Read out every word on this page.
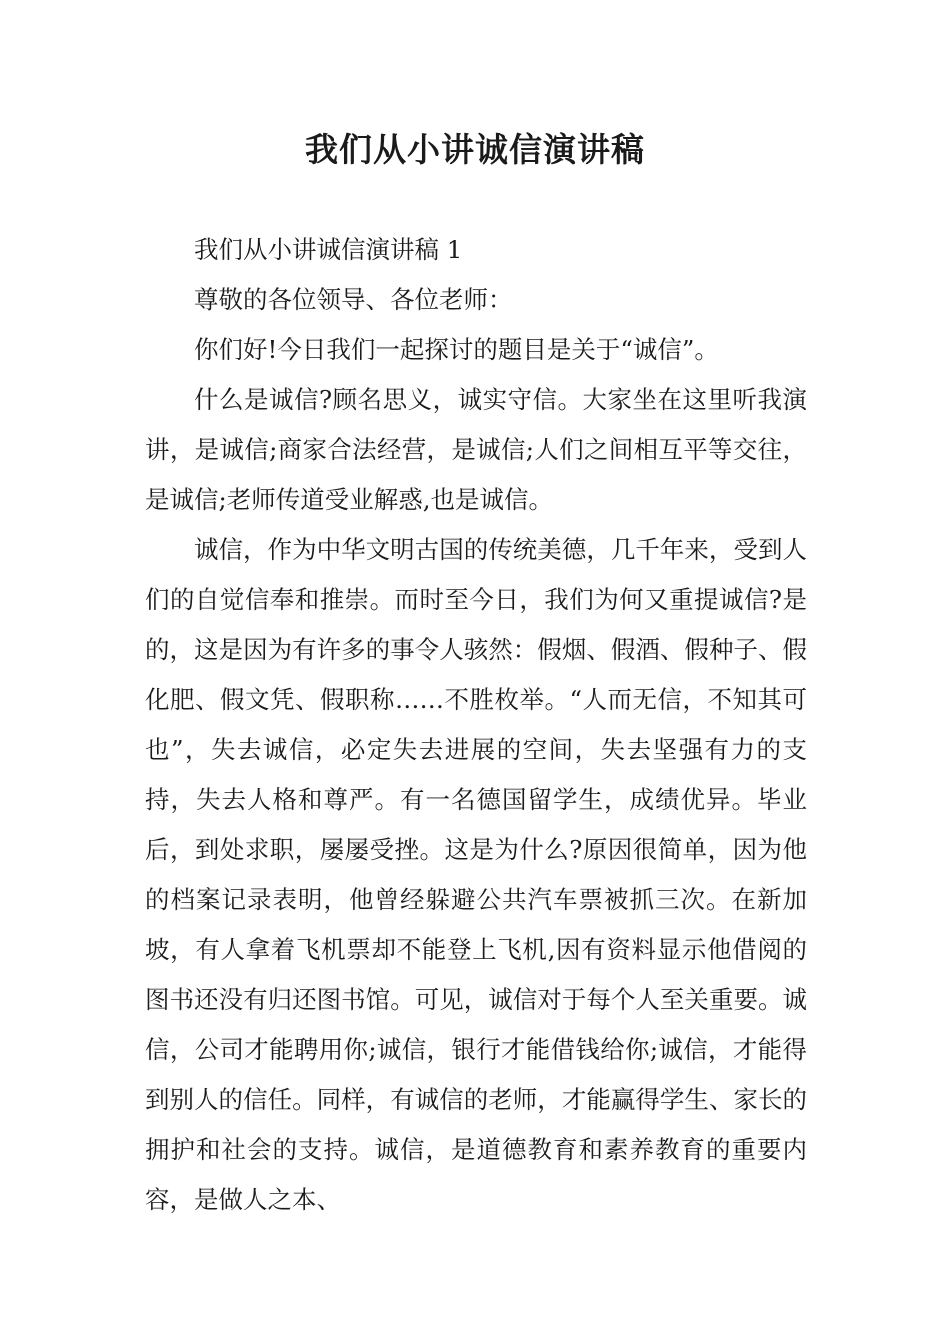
我们从小讲诚信演讲稿

我们从小讲诚信演讲稿 1

尊敬的各位领导、各位老师：

你们好!今日我们一起探讨的题目是关于“诚信”。

什么是诚信?顾名思义，诚实守信。大家坐在这里听我演讲，是诚信;商家合法经营，是诚信;人们之间相互平等交往，是诚信;老师传道受业解惑,也是诚信。

诚信，作为中华文明古国的传统美德，几千年来，受到人们的自觉信奉和推崇。而时至今日，我们为何又重提诚信?是的，这是因为有许多的事令人骇然：假烟、假酒、假种子、假化肥、假文凭、假职称……不胜枚举。“人而无信，不知其可也”，失去诚信，必定失去进展的空间，失去坚强有力的支持，失去人格和尊严。有一名德国留学生，成绩优异。毕业后，到处求职，屡屡受挫。这是为什么?原因很简单，因为他的档案记录表明，他曾经躲避公共汽车票被抓三次。在新加坡，有人拿着飞机票却不能登上飞机,因有资料显示他借阅的图书还没有归还图书馆。可见，诚信对于每个人至关重要。诚信，公司才能聘用你;诚信，银行才能借钱给你;诚信，才能得到别人的信任。同样，有诚信的老师，才能赢得学生、家长的拥护和社会的支持。诚信，是道德教育和素养教育的重要内容，是做人之本、
